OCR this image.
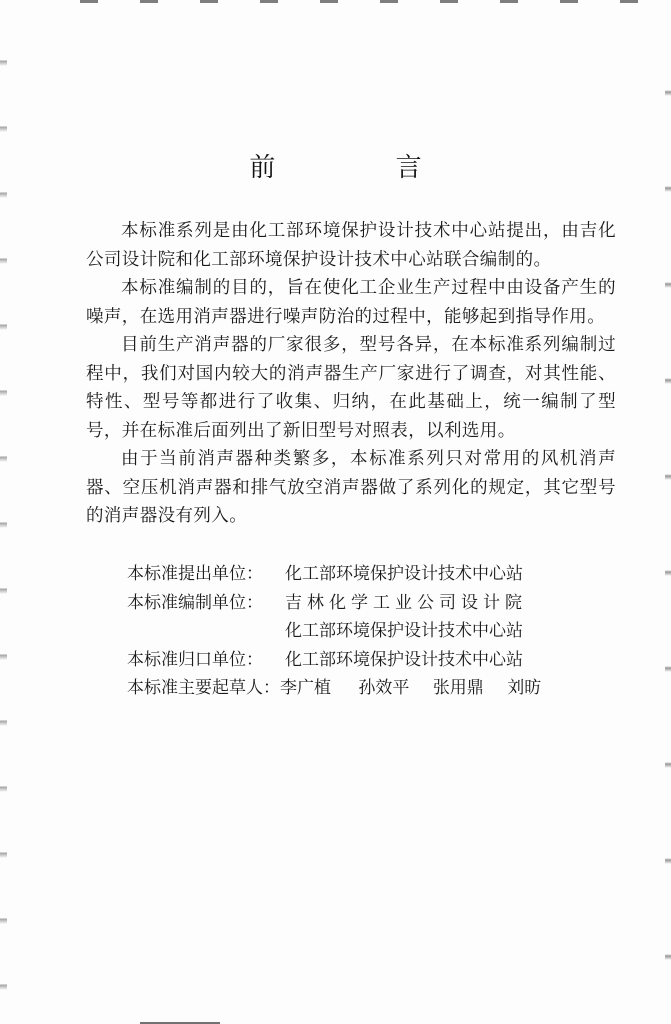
前 言

本标准系列是由化工部环境保护设计技术中心站提出，由吉化公司设计院和化工部环境保护设计技术中心站联合编制的。

本标准编制的目的，旨在使化工企业生产过程中由设备产生的噪声，在选用消声器进行噪声防治的过程中，能够起到指导作用。

目前生产消声器的厂家很多，型号各异，在本标准系列编制过程中，我们对国内较大的消声器生产厂家进行了调查，对其性能、特性、型号等都进行了收集、归纳，在此基础上，统一编制了型号，并在标准后面列出了新旧型号对照表，以利选用。

由于当前消声器种类繁多，本标准系列只对常用的风机消声器、空压机消声器和排气放空消声器做了系列化的规定，其它型号的消声器没有列入。

本标准提出单位：	化工部环境保护设计技术中心站
本标准编制单位：	吉林化学工业公司设计院
化工部环境保护设计技术中心站
本标准归口单位：	化工部环境保护设计技术中心站
本标准主要起草人： 李广植 孙效平 张用鼎 刘昉
